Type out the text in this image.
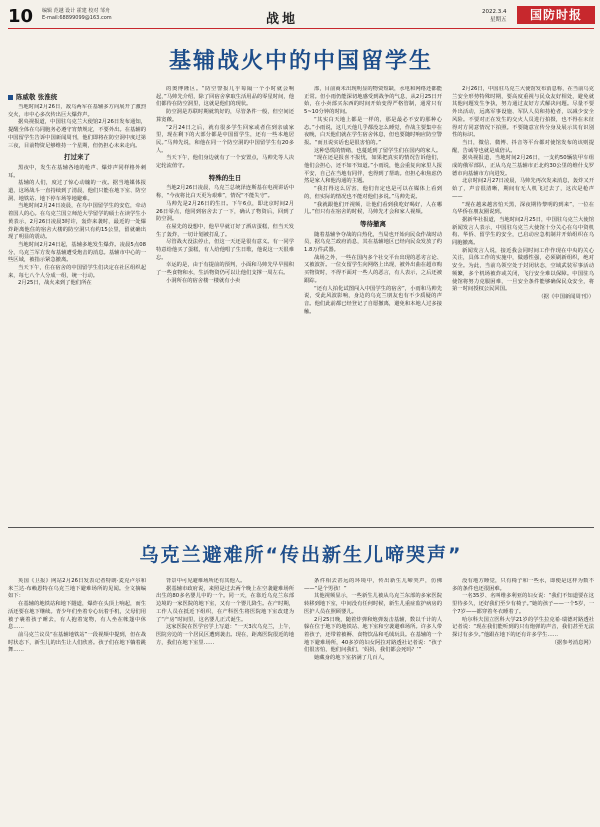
10 编辑 范越 设计 霍建 校对 邹舟
E-mail:68899099@163.com	战地	2022.3.4
星期五	国防时报
基辅战火中的中国留学生
陈威敬 张淮统

当地时间2月26日，敌乌两军在基辅多方向展开了激烈交火，市中心多次传出巨大爆炸声。

据央视报道，中国驻乌克兰大使馆2月26日发布通知，提醒全体在乌同胞务必遵守宵禁规定，不要外出。在基辅的中国留学生告诉中国新闻周刊，他们即将在防空洞中度过第三夜，目前物资足够维持一个星期，但仍担心未来走向。

打过来了

黑夜中，发生在基辅各地的枪声、爆炸声同样格外刺耳。

基辅的人们，度过了惊心动魄的一夜。据当地媒体报道，这场战斗一直持续到了清晨，他们只能在地下室、防空洞、地铁站、地下停车场等地避难。

当地时间2月24日凌晨，在乌中国留学生的安危，牵动着国人的心。在乌克兰国立师范大学留学的硕士在读学生小黄表示，2月26日凌晨3时许，轰炸来袭时，最近的一处爆炸距离他住的宿舍大楼的防空洞只有约15公里，留就确出现了明显的震动。

当地时间2月24日起，基辅多地发生爆炸。凌晨5点08分，乌克兰军方发布基辅遭受炮击的消息。基辅市中心的一些区域，被指示紧急撤离。

当天下午，住在宿舍的中国留学生们决定在社区组织起来，每七八个人分成一组，统一行动。

2月25日，战火来到了他们所在

的奥博隆区。“防空警报几乎每隔一个小时就会响起，”马帅先介绍，除了回宿舍拿取生活用品的零星时间，他们都待在防空洞里，这就是他们的现状。

防空洞是苏联时期就筑好的，尽管条件一般，但空间还算宽敞。

“2月24日之后，就有很多学生回家或者住到亲戚家里，现在剩下的大部分都是中国留学生，还有一些本地居民。”马帅先说，和他在同一个防空洞的中国留学生有20多人。

当天下午，他们身边就有了一个安置点，马帅先等人决定轮流值守。

特殊的生日

当地2月26日凌晨，乌克兰总统泽连斯基在电视讲话中称，“今夜将比白天更为艰难”，情况“不能失守”。

马帅先是2月26日的生日。下午6点，即北京时间2月26日零点，他同到宿舍去了一下，确认了物资后，回到了防空洞。

在屋先的设想中，他早早就订好了酒店蛋糕，但当天发生了轰炸，一切计划被打乱了。

尽管战火没法停止，但这一天还是很有意义。有一同学特意给他买了蛋糕，有人给他唱了生日歌，他说这一天很难忘。

幸运的是，由于有提前的预判，小面和马帅先早早囤积了一些食物和水，生活物资仍可以让他们支撑一周左右。

小洞所在的宿舍楼一楼就有小卖

部，目前商未出现明显的物资短缺，水电和网络还都能正常。但小雨仍能深切地感受到战争的气息，从2月25日开始，在小卖部买东西的时间开始变得严格管制，通常只有5~10分钟的时间。

“其实白天地上都是一样的，那是最必不安的那种心态。”小雨说，这几天他几乎都没怎么睡觉，作战主要集中在夜晚，白天他们就在学生宿舍休息，但也要随时响应防空警报。“而且说实话也是很害怕的。”

这种恐慌的情绪，也蔓延到了留学生们在国内的家人。

“现在还是报喜不报忧，如果把真实的情况告诉他们，他们会担心，还不如不知道。”小雨说，他会重复向家里人报平安，自己在当地有同伴，也得到了帮助。但担心和焦虑仍然是家人和他沟通的主题。

“我打得这么厉害，他们肯定也是可以在媒体上看到的，但实际的情况也不能对他们多说。”马帅先说。

“我就跟他们开视频，让他们看到我吃好喝好，人在哪儿。”但只有在宿舍的时候，马帅先才会和家人视频。

等待撤离

随着基辅争夺战的白热化，当局也开始向民众作战时动员，据乌克兰政府消息，其在基辅地区已经向民众发放了约1.8万件武器。

战场之外，一些在国内多个社交平台出现的恶劣言论、又被波折。一位女留学生向网络上出现，被外出曲在超市购买物资时，不得不面对一些人的恶言，有人表示，之后还被跟踪。

“还有人拍化试图闯入中国学生的宿舍”，小雨和马帅先说，受此风波影响，身边的乌克兰朋友也有不少质疑的声音。他们此前都已经登记了自愿撤离，避免和本地人过多接触。

2月26日，中国驻乌克兰大使馆发布消息称，在当前乌克兰安全形势特殊时期，要高度重视与民众友好相处，避免就其他问题发生争执，努力通过友好方式解决问题。尽量不要外出活动，远离军事设施、军队人员和持枪者，以减少安全风险。不要对正在发生的交火人员进行拍摄，也不得在未征得对方同意情况下拍照。不要随意宣传分身及展示其有识别性的标识。

当日，微信、微博、抖音等平台都对使馆发布的该则提醒，告诫等也就是成倍认。

据央视报道，当地时间2月26日，一支约50辆装甲车组成的俄军部队，正从乌克兰基辅市正北约30公里的维什戈罗德市向基辅市方向进发。

北京时间2月27日凌晨，马帅先再次发来消息，轰炸又开始了，声音很清晰，期间有无人机飞过去了，这次是枪声——

“现在越来越害怕天黑，深夜期待黎明的到来”，一位在乌华侨在朋友圈说到。

据新华社报道，当地时间2月25日，中国驻乌克兰大使馆新闻发言人表示，中国驻乌克兰大使馆十分关心在乌中资机构、华侨、留学生的安全，已启动应急机制并开始组织在乌同胞撤离。

新闻发言人说，接近我会同时间工作作现在中央的关心关注，具体工作的实施中，做感性强，必须刷新组织，绝对安全。为此，当前乌领空处于封闭状态，空域武装军事活动频繁，多个机场被炸或关闭，飞行安全难以保障。中国驻乌使馆将努力克服困难，一旦安全条件能够确保民众安全，将第一时间授权公民回国。

（据《中国新闻周刊》）
乌克兰避难所“传出新生儿啼哭声”

英国《卫报》网站2月26日发表记者特朗·麦克卢尔和米兰达·布赖恩特在乌克兰地下避难场所的见闻。全文摘编如下：

在基辅的地铁站和地下隧道，爆炸在头顶上响起，而生活还要在地下继续。青少年们坐着专心玩着手机，父母们用被子裹着孩子睡去，有人抱着宠物，有人坐在帐篷中休息……

前马克兰议员“在基辅地铁站”一段视频中提到，但在战时状态下，新生儿的出生让人们欣喜。孩子们在地下躺着跳舞……

背景中可见避难场所还有其他人。

据基辅市政府说，来照是过去两个晚上在空袭避难场所出生的80多名婴儿中的一个。同一天，在靠近乌克兰东部边境的一家医院的地下室，又有一个婴儿降生。在产时期，工作人员在抵近下组织，在产科医生将医院地下室改建为了“产房”时间里，这名婴儿正式诞生。

这家医院在医学官学上写道：“一天3次乌克兰，上午，医院旁边的一个居民区遭到袭击。现在，距离医院很近的地方，我们在地下室里……

条件相去甚远的环境中，传出新生儿啼哭声，仿佛——“是个男孩！”

其他视频显示，一些新生儿被从乌克兰东部的多家医院转移到地下室，中间没有任何时候，新生儿重症监护病房的医护人员在照顾婴儿。

2月25日晚，随着炸弹和炮弹轰击基辅，数以千计的人躲在位于地下的地铁站、地下室和空袭避难场所。许多人带着孩子，还带着被褥、食物饮品和毛绒玩具。在基辅的一个地下避难场所，40多岁的妇女阿拉对路透社记者说：“孩子们很害怕，他们问我们，‘妈妈，我们都会死吗？’”

她藏身的地下室挤满了几百人，

没有地方睡觉，只有椅子和一些水，即便是这样为数不多的条件也还很困难。

一名35岁、名叫维多利亚的妇女说：“我们不知道要在这里待多久，还好我们至少有椅子。”她的孩子——一个5岁，一个7岁——都穿着冬衣睡着了。

哈尔科夫国立医科大学21岁的学生拉克希·瑞德对路透社记者说：“现在我们能听到的只有炮弹的声音，我们甚至无法探讨有多少。”他跟在地下的还有许多学生……

（据参考消息网）
